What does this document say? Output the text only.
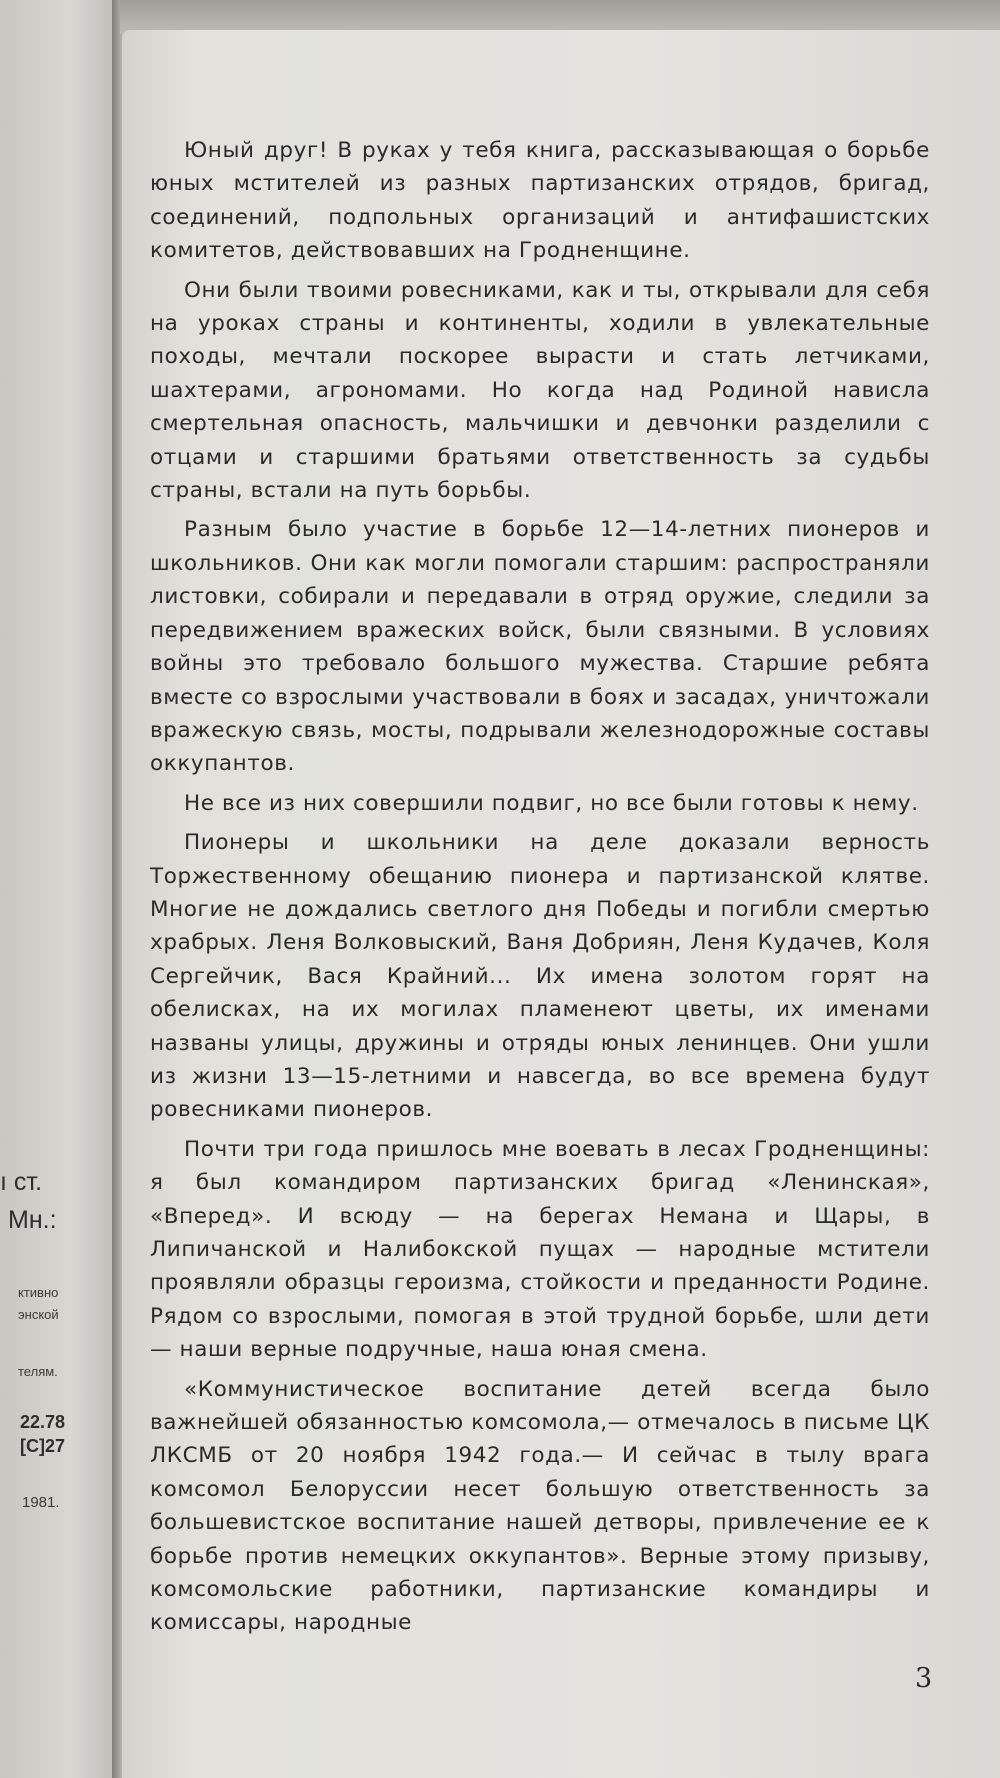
ı ст.
Мн.:
ктивно
энской
телям.
22.78
[С]27
1981.

Юный друг! В руках у тебя книга, рассказывающая о борьбе юных мстителей из разных партизанских отрядов, бригад, соединений, подпольных организаций и антифашистских комитетов, действовавших на Гродненщине.

Они были твоими ровесниками, как и ты, открывали для себя на уроках страны и континенты, ходили в увлекательные походы, мечтали поскорее вырасти и стать летчиками, шахтерами, агрономами. Но когда над Родиной нависла смертельная опасность, мальчишки и девчонки разделили с отцами и старшими братьями ответственность за судьбы страны, встали на путь борьбы.

Разным было участие в борьбе 12—14-летних пионеров и школьников. Они как могли помогали старшим: распространяли листовки, собирали и передавали в отряд оружие, следили за передвижением вражеских войск, были связными. В условиях войны это требовало большого мужества. Старшие ребята вместе со взрослыми участвовали в боях и засадах, уничтожали вражескую связь, мосты, подрывали железнодорожные составы оккупантов.

Не все из них совершили подвиг, но все были готовы к нему.

Пионеры и школьники на деле доказали верность Торжественному обещанию пионера и партизанской клятве. Многие не дождались светлого дня Победы и погибли смертью храбрых. Леня Волковыский, Ваня Добриян, Леня Кудачев, Коля Сергейчик, Вася Крайний... Их имена золотом горят на обелисках, на их могилах пламенеют цветы, их именами названы улицы, дружины и отряды юных ленинцев. Они ушли из жизни 13—15-летними и навсегда, во все времена будут ровесниками пионеров.

Почти три года пришлось мне воевать в лесах Гродненщины: я был командиром партизанских бригад «Ленинская», «Вперед». И всюду — на берегах Немана и Щары, в Липичанской и Налибокской пущах — народные мстители проявляли образцы героизма, стойкости и преданности Родине. Рядом со взрослыми, помогая в этой трудной борьбе, шли дети — наши верные подручные, наша юная смена.

«Коммунистическое воспитание детей всегда было важнейшей обязанностью комсомола,— отмечалось в письме ЦК ЛКСМБ от 20 ноября 1942 года.— И сейчас в тылу врага комсомол Белоруссии несет большую ответственность за большевистское воспитание нашей детворы, привлечение ее к борьбе против немецких оккупантов». Верные этому призыву, комсомольские работники, партизанские командиры и комиссары, народные

3
